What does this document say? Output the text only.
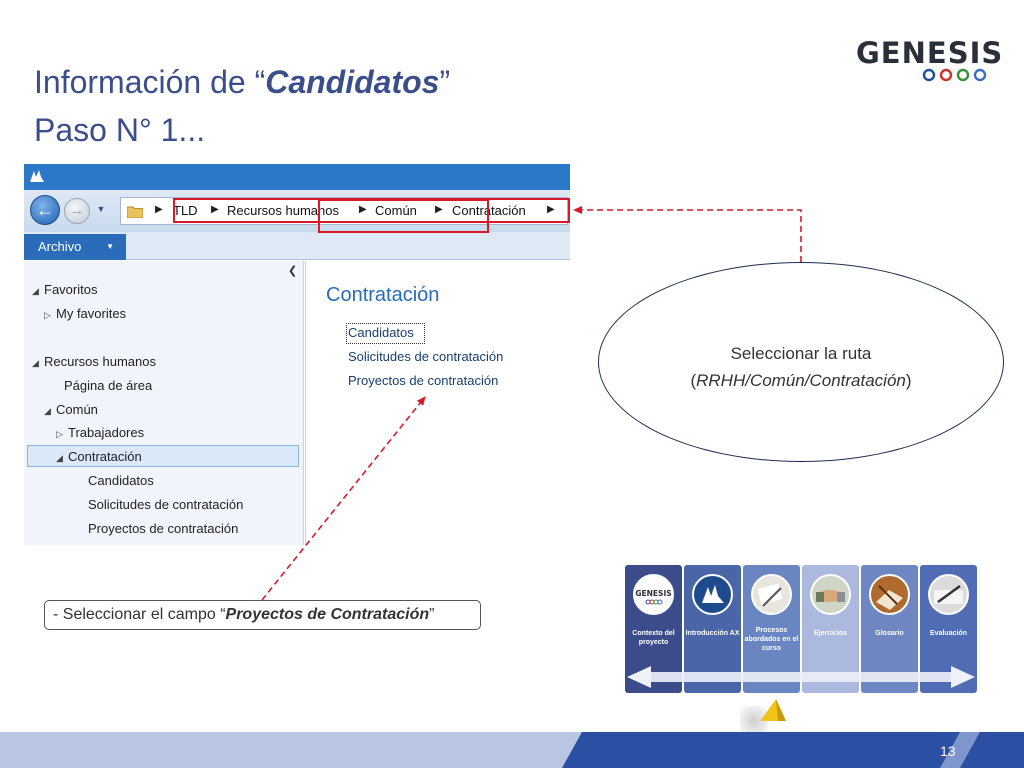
Información de “Candidatos”
Paso N° 1...
GENESIS
←	→	▼	▶ TLD ▶ Recursos humanos ▶ Común ▶ Contratación ▶
Archivo	▼
❮
◢ Favoritos
▷ My favorites
◢ Recursos humanos
Página de área
◢ Común
▷ Trabajadores
◢ Contratación
Candidatos
Solicitudes de contratación
Proyectos de contratación
Contratación
Candidatos
Solicitudes de contratación
Proyectos de contratación
Seleccionar la ruta
(RRHH/Común/Contratación)
- Seleccionar el campo “Proyectos de Contratación”
GENESIS
Contexto del proyecto
Introducción AX	Procesos abordados en el curso
Ejercicios	Glosario	Evaluación
13
